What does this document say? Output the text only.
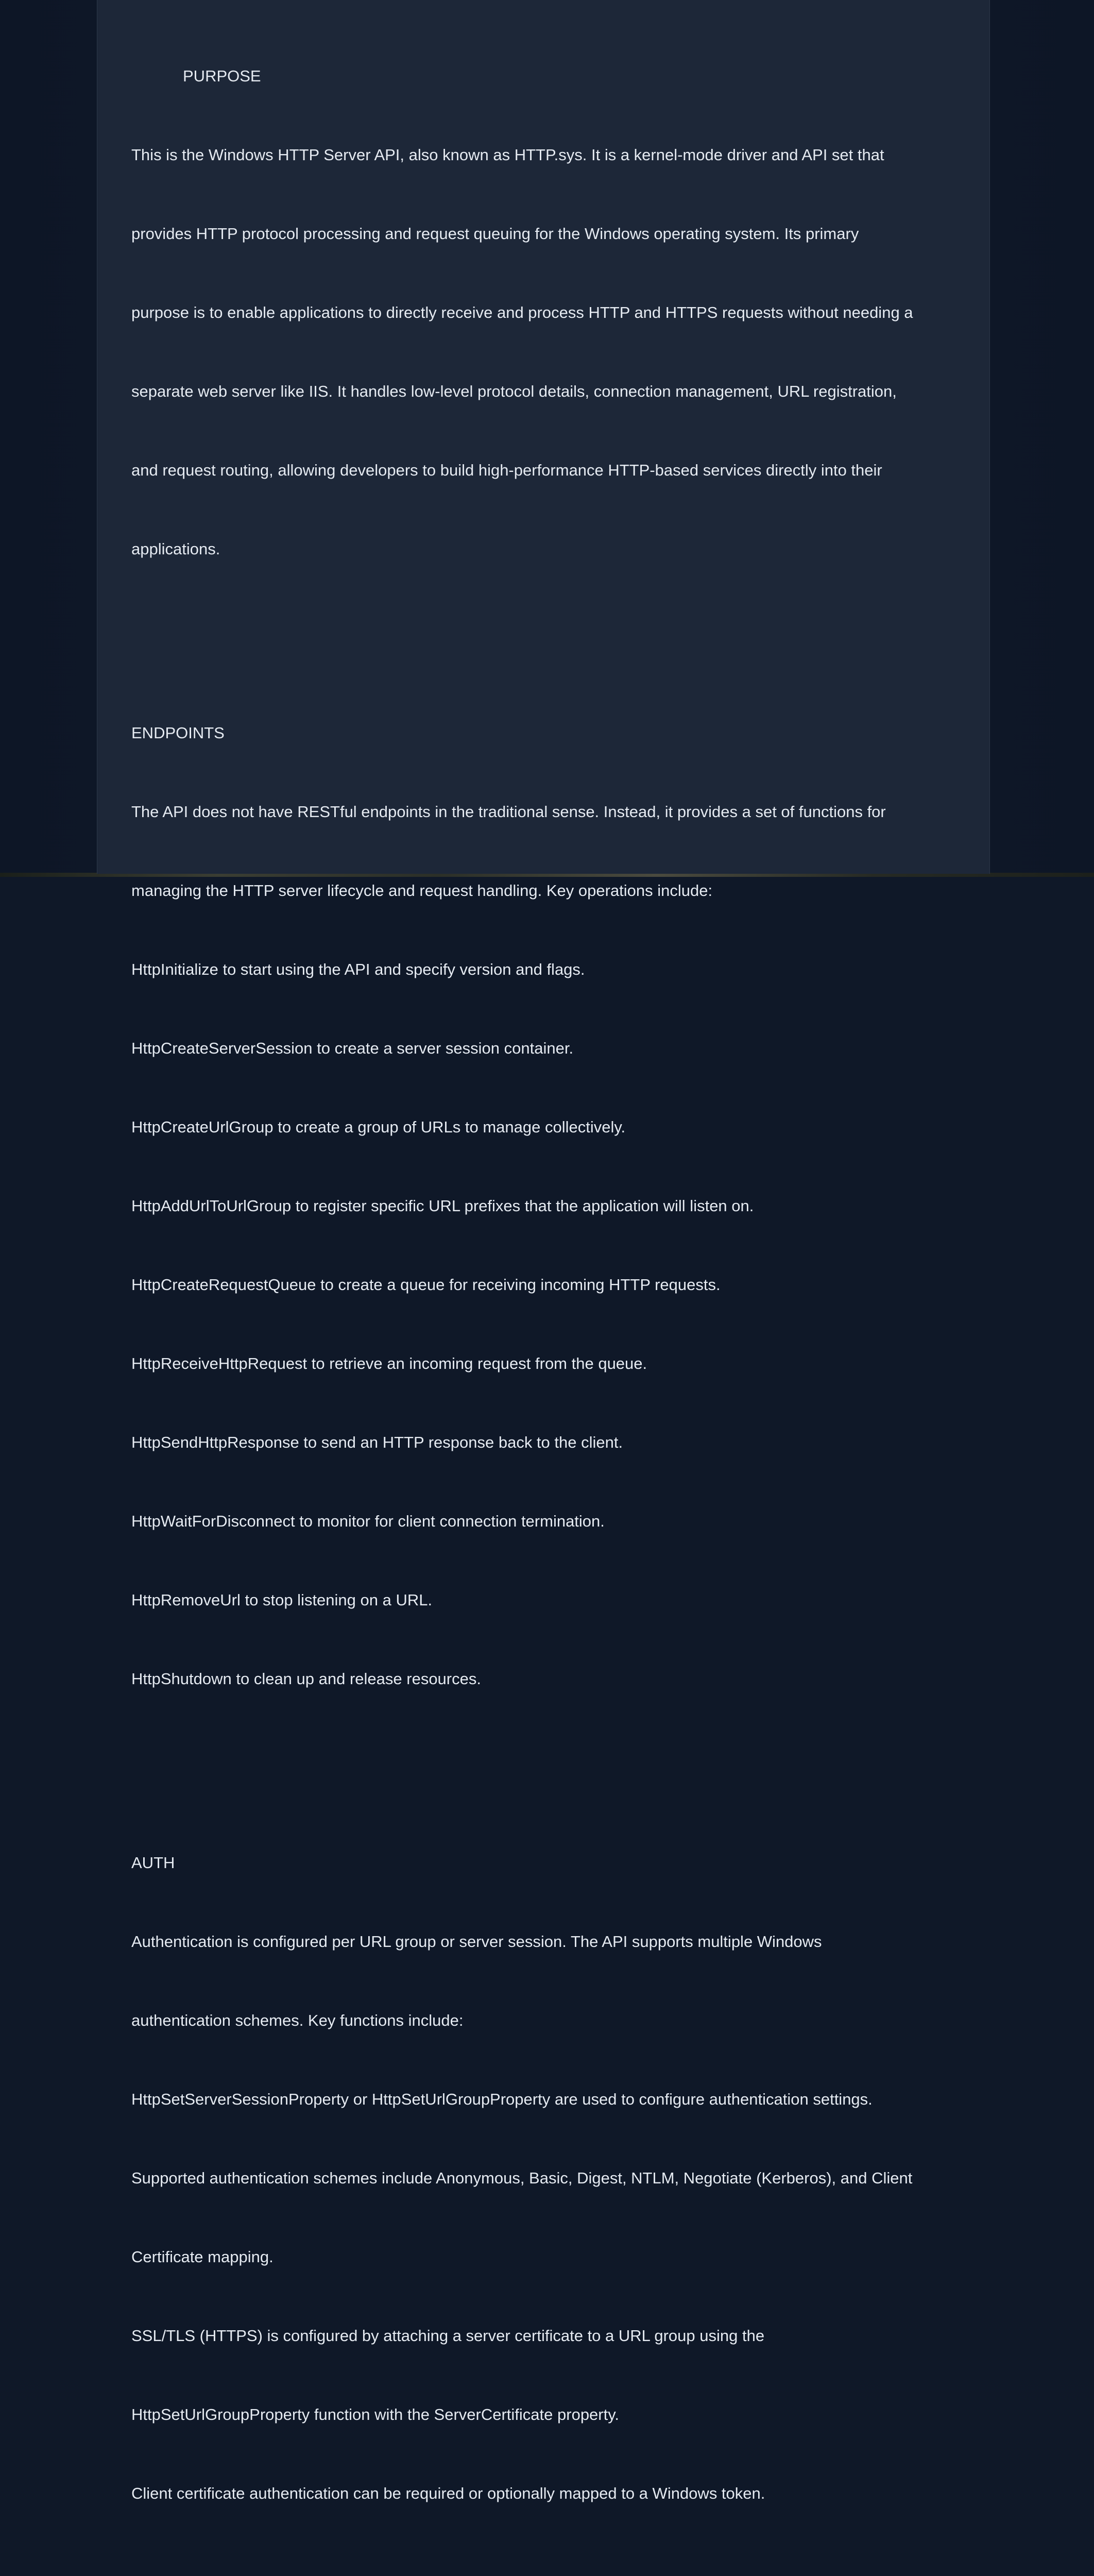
PURPOSE

This is the Windows HTTP Server API, also known as HTTP.sys. It is a kernel-mode driver and API set that

provides HTTP protocol processing and request queuing for the Windows operating system. Its primary

purpose is to enable applications to directly receive and process HTTP and HTTPS requests without needing a

separate web server like IIS. It handles low-level protocol details, connection management, URL registration,

and request routing, allowing developers to build high-performance HTTP-based services directly into their

applications.

ENDPOINTS

The API does not have RESTful endpoints in the traditional sense. Instead, it provides a set of functions for

managing the HTTP server lifecycle and request handling. Key operations include:

HttpInitialize to start using the API and specify version and flags.

HttpCreateServerSession to create a server session container.

HttpCreateUrlGroup to create a group of URLs to manage collectively.

HttpAddUrlToUrlGroup to register specific URL prefixes that the application will listen on.

HttpCreateRequestQueue to create a queue for receiving incoming HTTP requests.

HttpReceiveHttpRequest to retrieve an incoming request from the queue.

HttpSendHttpResponse to send an HTTP response back to the client.

HttpWaitForDisconnect to monitor for client connection termination.

HttpRemoveUrl to stop listening on a URL.

HttpShutdown to clean up and release resources.

AUTH

Authentication is configured per URL group or server session. The API supports multiple Windows

authentication schemes. Key functions include:

HttpSetServerSessionProperty or HttpSetUrlGroupProperty are used to configure authentication settings.

Supported authentication schemes include Anonymous, Basic, Digest, NTLM, Negotiate (Kerberos), and Client

Certificate mapping.

SSL/TLS (HTTPS) is configured by attaching a server certificate to a URL group using the

HttpSetUrlGroupProperty function with the ServerCertificate property.

Client certificate authentication can be required or optionally mapped to a Windows token.
